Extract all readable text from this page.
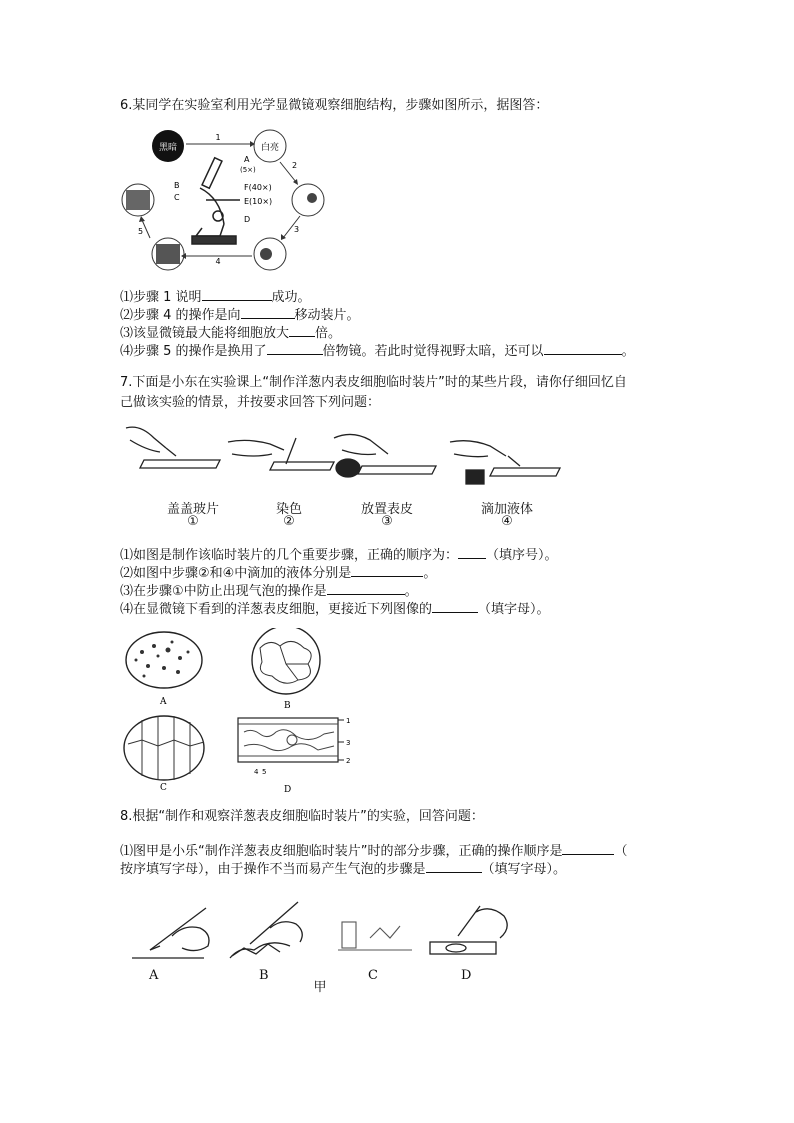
6.某同学在实验室利用光学显微镜观察细胞结构，步骤如图所示，据图答：
黑暗	白亮
1
2
3
4
5
A
(5×)
B
C
F(40×)
E(10×)
D
⑴步骤 1 说明	成功。
⑵步骤 4 的操作是向	移动装片。
⑶该显微镜最大能将细胞放大 倍。
⑷步骤 5 的操作是换用了	倍物镜。若此时觉得视野太暗，还可以	。
7.下面是小东在实验课上“制作洋葱内表皮细胞临时装片”时的某些片段，请你仔细回忆自
己做该实验的情景，并按要求回答下列问题：
盖盖玻片
①
染色
②
放置表皮
③
滴加液体
④
⑴如图是制作该临时装片的几个重要步骤，正确的顺序为： （填序号）。
⑵如图中步骤②和④中滴加的液体分别是	。
⑶在步骤①中防止出现气泡的操作是	。
⑷在显微镜下看到的洋葱表皮细胞，更接近下列图像的	（填字母）。
A	B
C
1
3
2
4 5
D
8.根据“制作和观察洋葱表皮细胞临时装片”的实验，回答问题：
⑴图甲是小乐“制作洋葱表皮细胞临时装片”时的部分步骤，正确的操作顺序是	（
按序填写字母），由于操作不当而易产生气泡的步骤是	（填写字母）。
A	B
甲
C	D
